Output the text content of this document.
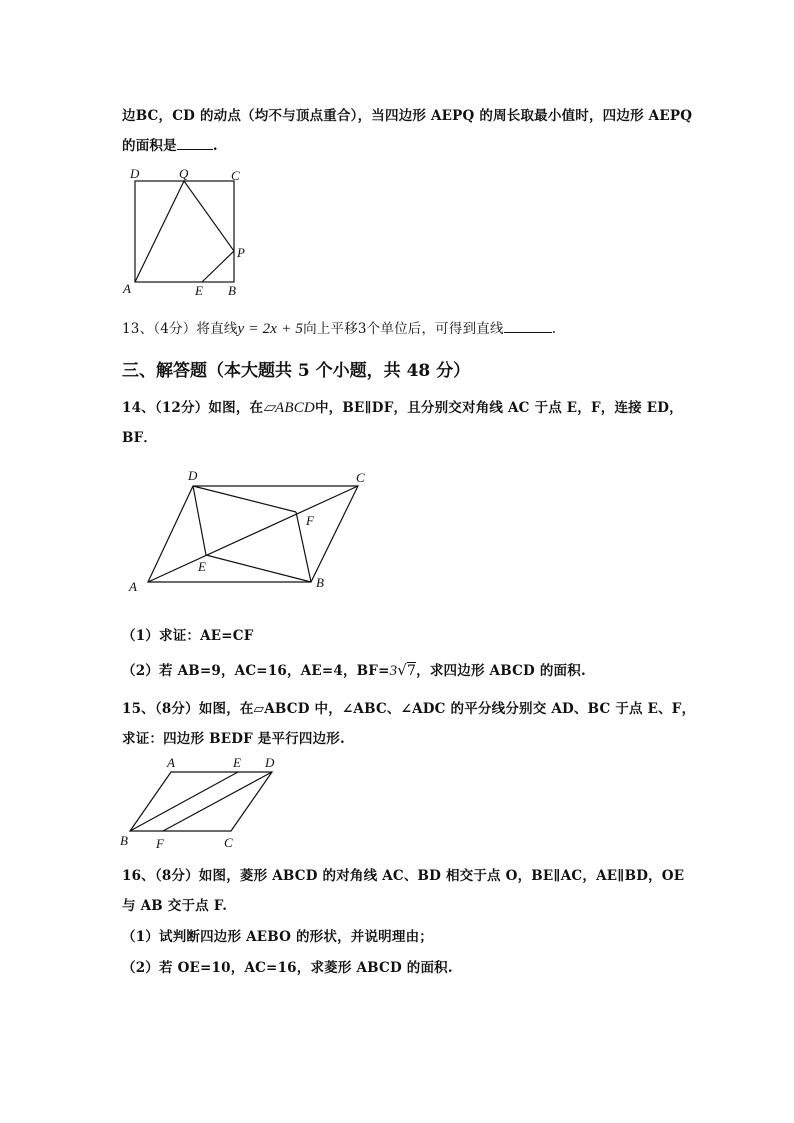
边BC，CD 的动点（均不与顶点重合），当四边形 AEPQ 的周长取最小值时，四边形 AEPQ
的面积是	.
D	Q	C
P
A	E B
13、（4分）将直线y = 2x + 5向上平移3个单位后，可得到直线	.
三、解答题（本大题共 5 个小题，共 48 分）
14、（12分）如图，在▱ABCD中，BE∥DF，且分别交对角线 AC 于点 E，F，连接 ED，
BF．
D	C
F
E
A	B
（1）求证：AE=CF
（2）若 AB=9，AC=16，AE=4，BF=3√7，求四边形 ABCD 的面积.
15、（8分）如图，在▱ABCD 中，∠ABC、∠ADC 的平分线分别交 AD、BC 于点 E、F，
求证：四边形 BEDF 是平行四边形.
A	E D
B F	C
16、（8分）如图，菱形 ABCD 的对角线 AC、BD 相交于点 O，BE∥AC，AE∥BD，OE
与 AB 交于点 F.
（1）试判断四边形 AEBO 的形状，并说明理由；
（2）若 OE=10，AC=16，求菱形 ABCD 的面积.
